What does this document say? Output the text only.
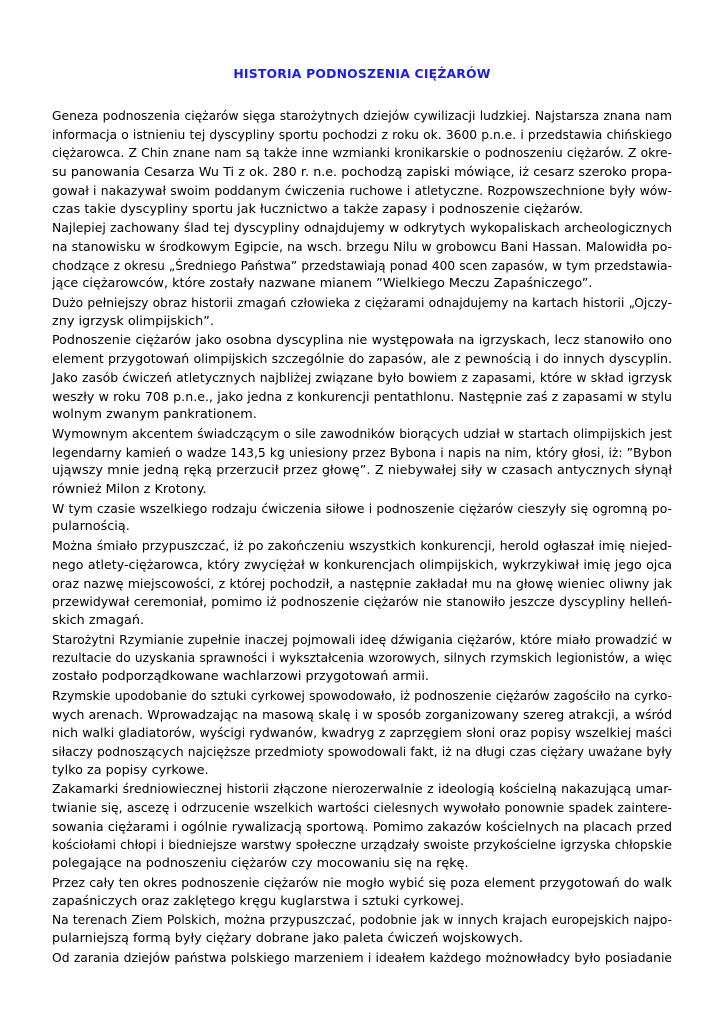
HISTORIA PODNOSZENIA CIĘŻARÓW

Geneza podnoszenia ciężarów sięga starożytnych dziejów cywilizacji ludzkiej. Najstarsza znana nam
informacja o istnieniu tej dyscypliny sportu pochodzi z roku ok. 3600 p.n.e. i przedstawia chińskiego
ciężarowca. Z Chin znane nam są także inne wzmianki kronikarskie o podnoszeniu ciężarów. Z okre-
su panowania Cesarza Wu Ti z ok. 280 r. n.e. pochodzą zapiski mówiące, iż cesarz szeroko propa-
gował i nakazywał swoim poddanym ćwiczenia ruchowe i atletyczne. Rozpowszechnione były wów-
czas takie dyscypliny sportu jak łucznictwo a także zapasy i podnoszenie ciężarów.

Najlepiej zachowany ślad tej dyscypliny odnajdujemy w odkrytych wykopaliskach archeologicznych
na stanowisku w środkowym Egipcie, na wsch. brzegu Nilu w grobowcu Bani Hassan. Malowidła po-
chodzące z okresu „Średniego Państwa” przedstawiają ponad 400 scen zapasów, w tym przedstawia-
jące ciężarowców, które zostały nazwane mianem ”Wielkiego Meczu Zapaśniczego”.

Dużo pełniejszy obraz historii zmagań człowieka z ciężarami odnajdujemy na kartach historii „Ojczy-
zny igrzysk olimpijskich”.

Podnoszenie ciężarów jako osobna dyscyplina nie występowała na igrzyskach, lecz stanowiło ono
element przygotowań olimpijskich szczególnie do zapasów, ale z pewnością i do innych dyscyplin.
Jako zasób ćwiczeń atletycznych najbliżej związane było bowiem z zapasami, które w skład igrzysk
weszły w roku 708 p.n.e., jako jedna z konkurencji pentathlonu. Następnie zaś z zapasami w stylu
wolnym zwanym pankrationem.

Wymownym akcentem świadczącym o sile zawodników biorących udział w startach olimpijskich jest
legendarny kamień o wadze 143,5 kg uniesiony przez Bybona i napis na nim, który głosi, iż: ”Bybon
ująwszy mnie jedną ręką przerzucił przez głowę”. Z niebywałej siły w czasach antycznych słynął
również Milon z Krotony.

W tym czasie wszelkiego rodzaju ćwiczenia siłowe i podnoszenie ciężarów cieszyły się ogromną po-
pularnością.

Można śmiało przypuszczać, iż po zakończeniu wszystkich konkurencji, herold ogłaszał imię niejed-
nego atlety-ciężarowca, który zwyciężał w konkurencjach olimpijskich, wykrzykiwał imię jego ojca
oraz nazwę miejscowości, z której pochodził, a następnie zakładał mu na głowę wieniec oliwny jak
przewidywał ceremoniał, pomimo iż podnoszenie ciężarów nie stanowiło jeszcze dyscypliny helleń-
skich zmagań.

Starożytni Rzymianie zupełnie inaczej pojmowali ideę dźwigania ciężarów, które miało prowadzić w
rezultacie do uzyskania sprawności i wykształcenia wzorowych, silnych rzymskich legionistów, a więc
zostało podporządkowane wachlarzowi przygotowań armii.

Rzymskie upodobanie do sztuki cyrkowej spowodowało, iż podnoszenie ciężarów zagościło na cyrko-
wych arenach. Wprowadzając na masową skalę i w sposób zorganizowany szereg atrakcji, a wśród
nich walki gladiatorów, wyścigi rydwanów, kwadryg z zaprzęgiem słoni oraz popisy wszelkiej maści
siłaczy podnoszących najcięższe przedmioty spowodowali fakt, iż na długi czas ciężary uważane były
tylko za popisy cyrkowe.

Zakamarki średniowiecznej historii złączone nierozerwalnie z ideologią kościelną nakazującą umar-
twianie się, ascezę i odrzucenie wszelkich wartości cielesnych wywołało ponownie spadek zaintere-
sowania ciężarami i ogólnie rywalizacją sportową. Pomimo zakazów kościelnych na placach przed
kościołami chłopi i biedniejsze warstwy społeczne urządzały swoiste przykościelne igrzyska chłopskie
polegające na podnoszeniu ciężarów czy mocowaniu się na rękę.

Przez cały ten okres podnoszenie ciężarów nie mogło wybić się poza element przygotowań do walk
zapaśniczych oraz zaklętego kręgu kuglarstwa i sztuki cyrkowej.

Na terenach Ziem Polskich, można przypuszczać, podobnie jak w innych krajach europejskich najpo-
pularniejszą formą były ciężary dobrane jako paleta ćwiczeń wojskowych.

Od zarania dziejów państwa polskiego marzeniem i ideałem każdego możnowładcy było posiadanie
